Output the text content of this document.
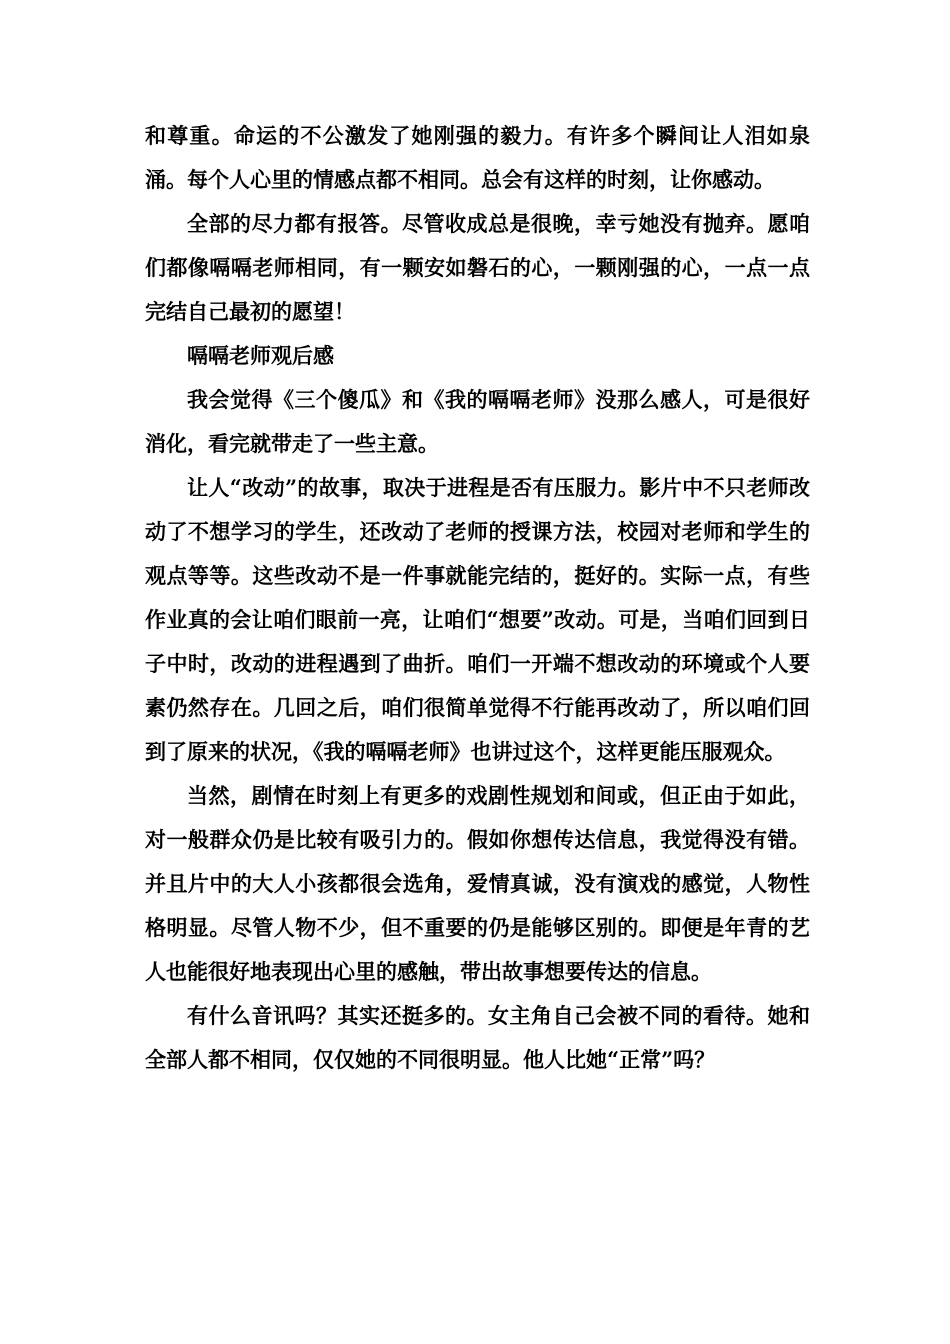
和尊重。命运的不公激发了她刚强的毅力。有许多个瞬间让人泪如泉涌。每个人心里的情感点都不相同。总会有这样的时刻，让你感动。

全部的尽力都有报答。尽管收成总是很晚，幸亏她没有抛弃。愿咱们都像嗝嗝老师相同，有一颗安如磐石的心，一颗刚强的心，一点一点完结自己最初的愿望！

嗝嗝老师观后感

我会觉得《三个傻瓜》和《我的嗝嗝老师》没那么感人，可是很好消化，看完就带走了一些主意。

让人“改动”的故事，取决于进程是否有压服力。影片中不只老师改动了不想学习的学生，还改动了老师的授课方法，校园对老师和学生的观点等等。这些改动不是一件事就能完结的，挺好的。实际一点，有些作业真的会让咱们眼前一亮，让咱们“想要”改动。可是，当咱们回到日子中时，改动的进程遇到了曲折。咱们一开端不想改动的环境或个人要素仍然存在。几回之后，咱们很简单觉得不行能再改动了，所以咱们回到了原来的状况，《我的嗝嗝老师》也讲过这个，这样更能压服观众。

当然，剧情在时刻上有更多的戏剧性规划和间或，但正由于如此，对一般群众仍是比较有吸引力的。假如你想传达信息，我觉得没有错。并且片中的大人小孩都很会选角，爱情真诚，没有演戏的感觉，人物性格明显。尽管人物不少，但不重要的仍是能够区别的。即便是年青的艺人也能很好地表现出心里的感触，带出故事想要传达的信息。

有什么音讯吗？其实还挺多的。女主角自己会被不同的看待。她和全部人都不相同，仅仅她的不同很明显。他人比她“正常”吗？
